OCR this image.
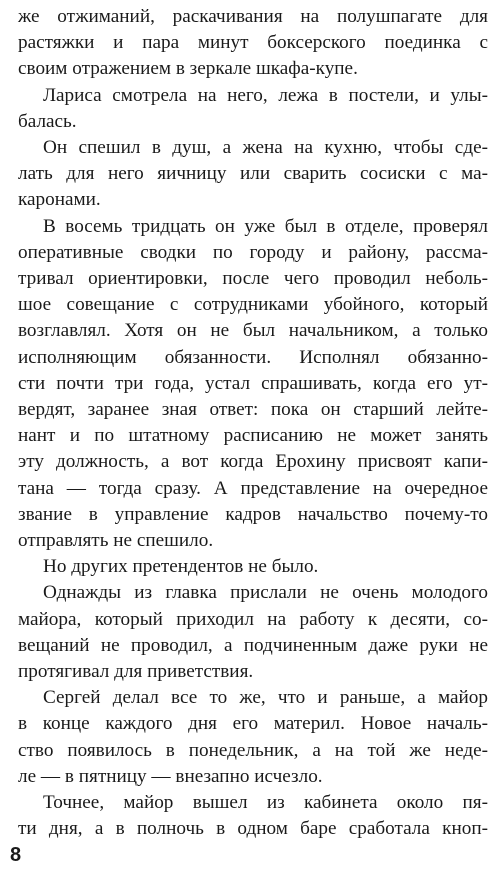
же отжиманий, раскачивания на полушпагате для
растяжки и пара минут боксерского поединка с
своим отражением в зеркале шкафа-купе.
Лариса смотрела на него, лежа в постели, и улы-
балась.
Он спешил в душ, а жена на кухню, чтобы сде-
лать для него яичницу или сварить сосиски с ма-
каронами.
В восемь тридцать он уже был в отделе, проверял
оперативные сводки по городу и району, рассма-
тривал ориентировки, после чего проводил неболь-
шое совещание с сотрудниками убойного, который
возглавлял. Хотя он не был начальником, а только
исполняющим обязанности. Исполнял обязанно-
сти почти три года, устал спрашивать, когда его ут-
вердят, заранее зная ответ: пока он старший лейте-
нант и по штатному расписанию не может занять
эту должность, а вот когда Ерохину присвоят капи-
тана — тогда сразу. А представление на очередное
звание в управление кадров начальство почему-то
отправлять не спешило.
Но других претендентов не было.
Однажды из главка прислали не очень молодого
майора, который приходил на работу к десяти, со-
вещаний не проводил, а подчиненным даже руки не
протягивал для приветствия.
Сергей делал все то же, что и раньше, а майор
в конце каждого дня его материл. Новое началь-
ство появилось в понедельник, а на той же неде-
ле — в пятницу — внезапно исчезло.
Точнее, майор вышел из кабинета около пя-
ти дня, а в полночь в одном баре сработала кноп-
8
